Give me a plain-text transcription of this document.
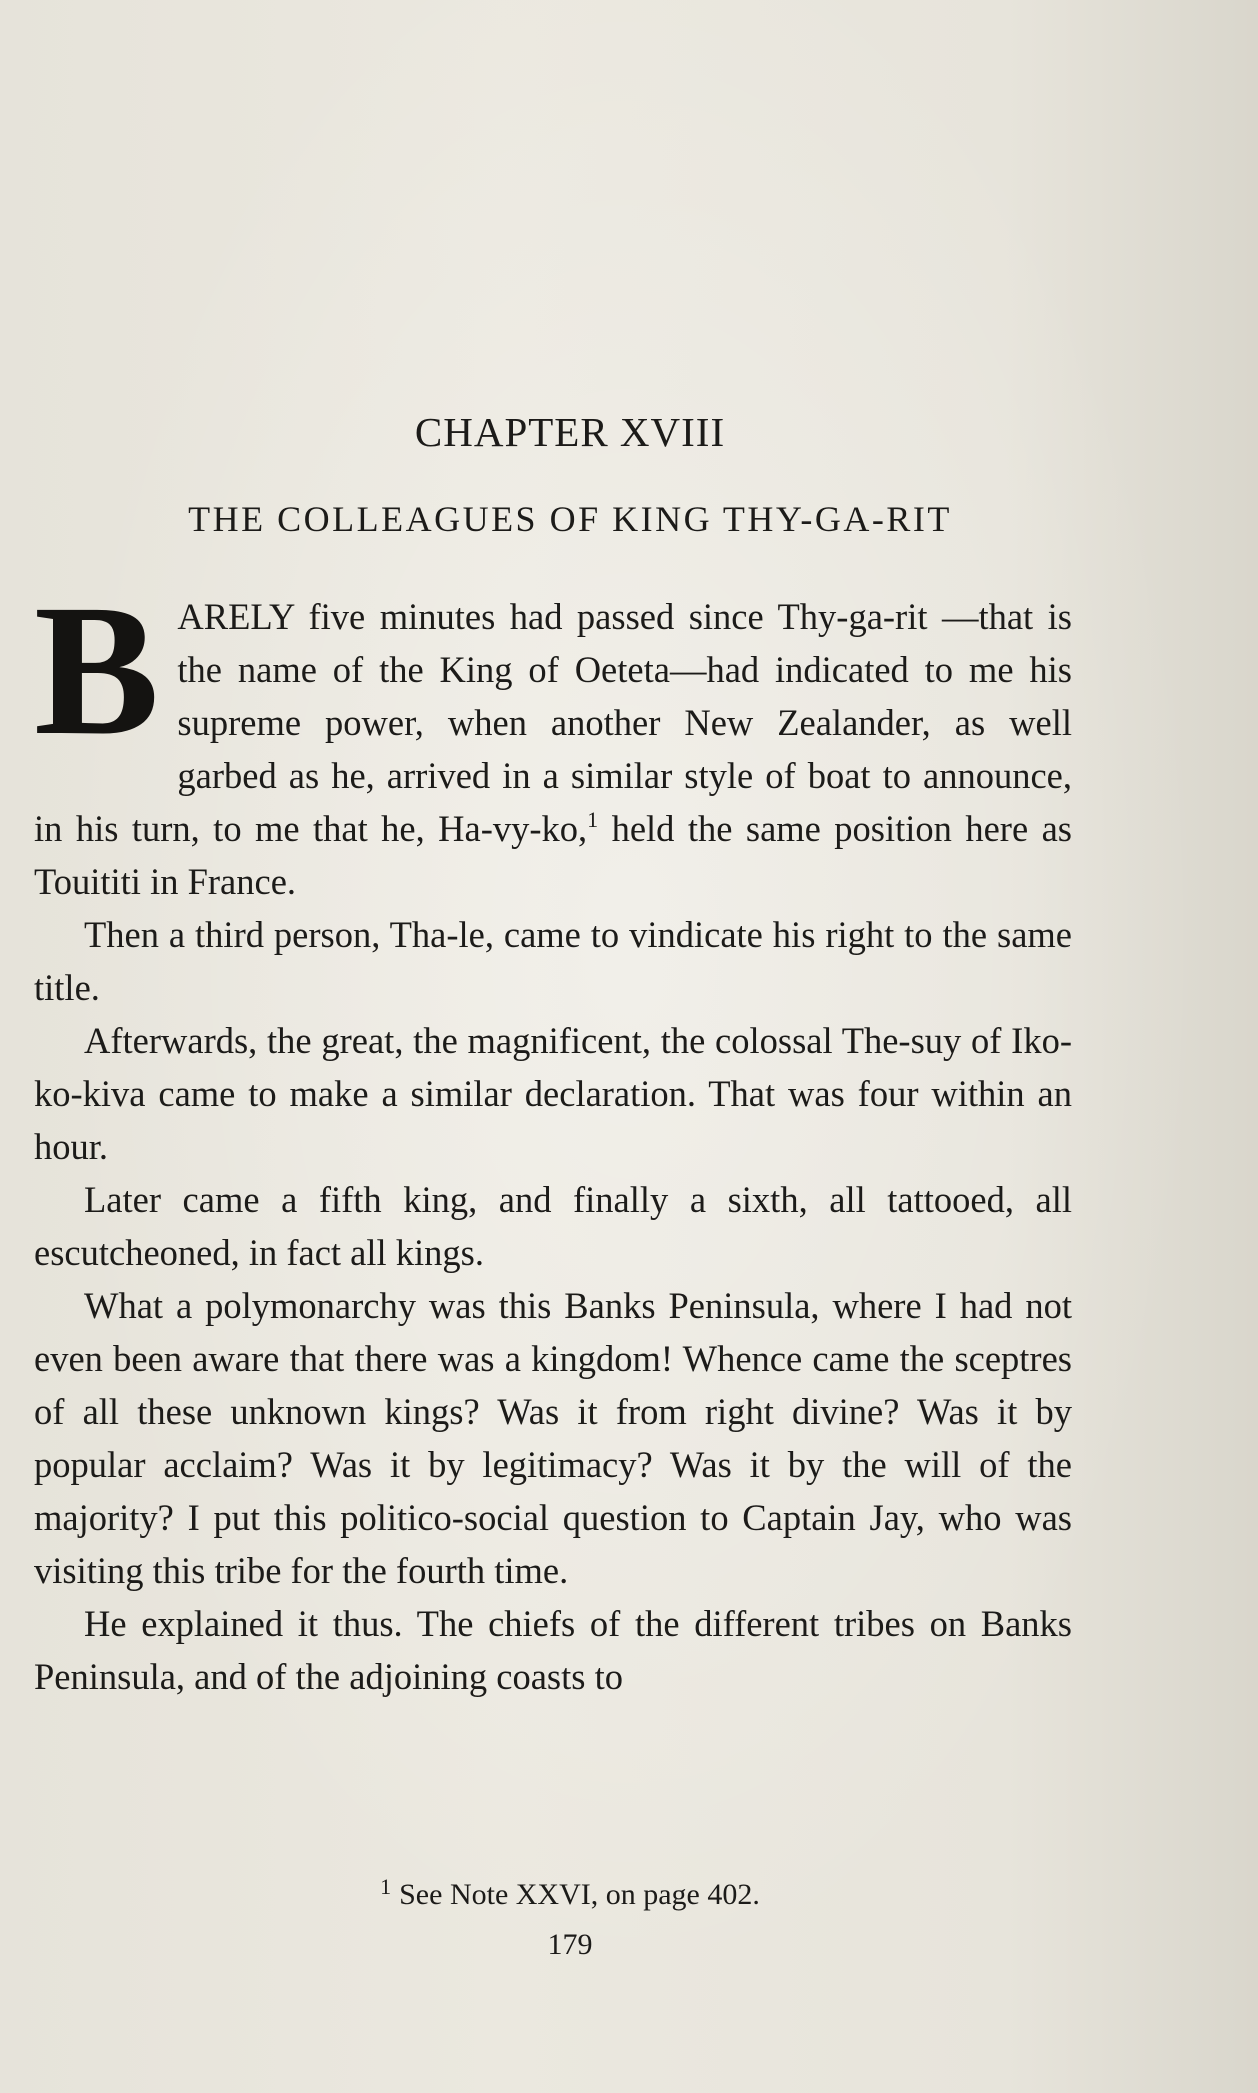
CHAPTER XVIII
THE COLLEAGUES OF KING THY-GA-RIT

BARELY five minutes had passed since Thy-ga-rit —that is the name of the King of Oeteta—had indicated to me his supreme power, when another New Zealander, as well garbed as he, arrived in a similar style of boat to announce, in his turn, to me that he, Ha-vy-ko,$^1$ held the same position here as Touititi in France.

Then a third person, Tha-le, came to vindicate his right to the same title.

Afterwards, the great, the magnificent, the colossal The-suy of Iko-ko-kiva came to make a similar declaration. That was four within an hour.

Later came a fifth king, and finally a sixth, all tattooed, all escutcheoned, in fact all kings.

What a polymonarchy was this Banks Peninsula, where I had not even been aware that there was a kingdom! Whence came the sceptres of all these unknown kings? Was it from right divine? Was it by popular acclaim? Was it by legitimacy? Was it by the will of the majority? I put this politico-social question to Captain Jay, who was visiting this tribe for the fourth time.

He explained it thus. The chiefs of the different tribes on Banks Peninsula, and of the adjoining coasts to

$^1$ See Note XXVI, on page 402.
179
